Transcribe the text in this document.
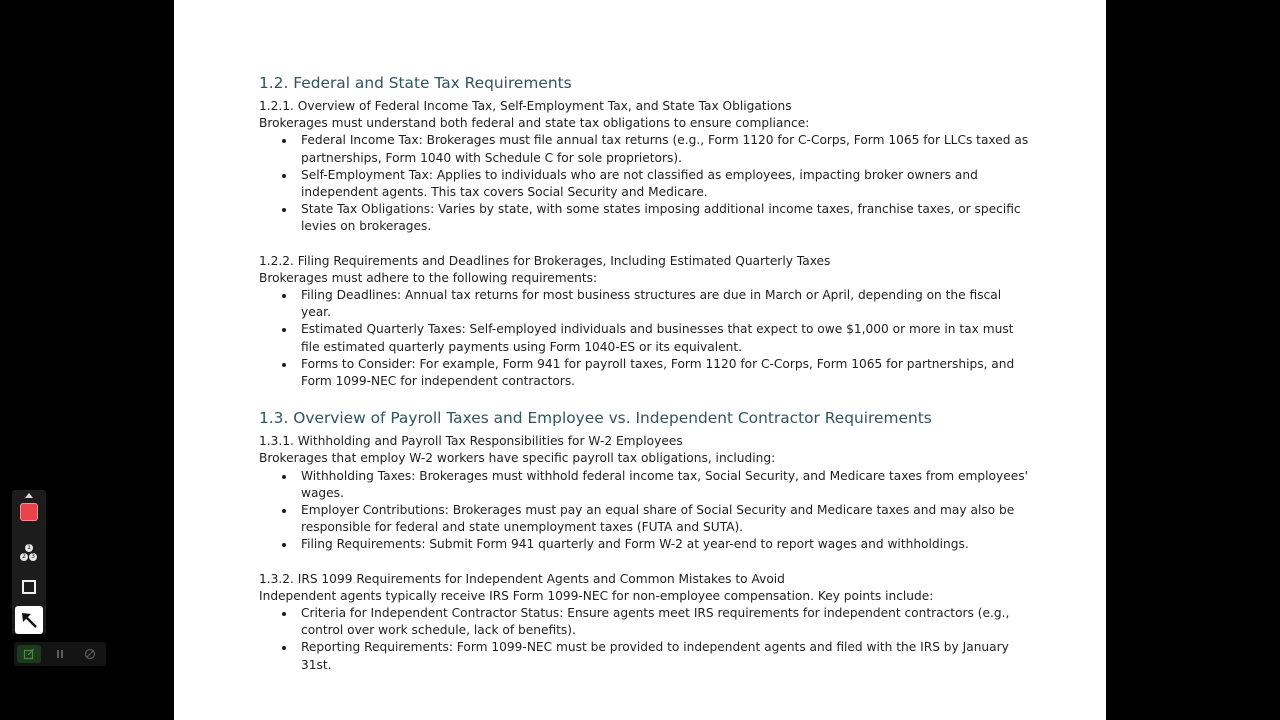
1.2. Federal and State Tax Requirements

1.2.1. Overview of Federal Income Tax, Self-Employment Tax, and State Tax Obligations

Brokerages must understand both federal and state tax obligations to ensure compliance:

Federal Income Tax: Brokerages must file annual tax returns (e.g., Form 1120 for C-Corps, Form 1065 for LLCs taxed as partnerships, Form 1040 with Schedule C for sole proprietors).
Self-Employment Tax: Applies to individuals who are not classified as employees, impacting broker owners and independent agents. This tax covers Social Security and Medicare.
State Tax Obligations: Varies by state, with some states imposing additional income taxes, franchise taxes, or specific levies on brokerages.

1.2.2. Filing Requirements and Deadlines for Brokerages, Including Estimated Quarterly Taxes

Brokerages must adhere to the following requirements:

Filing Deadlines: Annual tax returns for most business structures are due in March or April, depending on the fiscal year.
Estimated Quarterly Taxes: Self-employed individuals and businesses that expect to owe $1,000 or more in tax must file estimated quarterly payments using Form 1040-ES or its equivalent.
Forms to Consider: For example, Form 941 for payroll taxes, Form 1120 for C-Corps, Form 1065 for partnerships, and Form 1099-NEC for independent contractors.
1.3. Overview of Payroll Taxes and Employee vs. Independent Contractor Requirements

1.3.1. Withholding and Payroll Tax Responsibilities for W-2 Employees

Brokerages that employ W-2 workers have specific payroll tax obligations, including:

Withholding Taxes: Brokerages must withhold federal income tax, Social Security, and Medicare taxes from employees' wages.
Employer Contributions: Brokerages must pay an equal share of Social Security and Medicare taxes and may also be responsible for federal and state unemployment taxes (FUTA and SUTA).
Filing Requirements: Submit Form 941 quarterly and Form W-2 at year-end to report wages and withholdings.

1.3.2. IRS 1099 Requirements for Independent Agents and Common Mistakes to Avoid

Independent agents typically receive IRS Form 1099-NEC for non-employee compensation. Key points include:

Criteria for Independent Contractor Status: Ensure agents meet IRS requirements for independent contractors (e.g., control over work schedule, lack of benefits).
Reporting Requirements: Form 1099-NEC must be provided to independent agents and filed with the IRS by January 31st.
1
2 3
